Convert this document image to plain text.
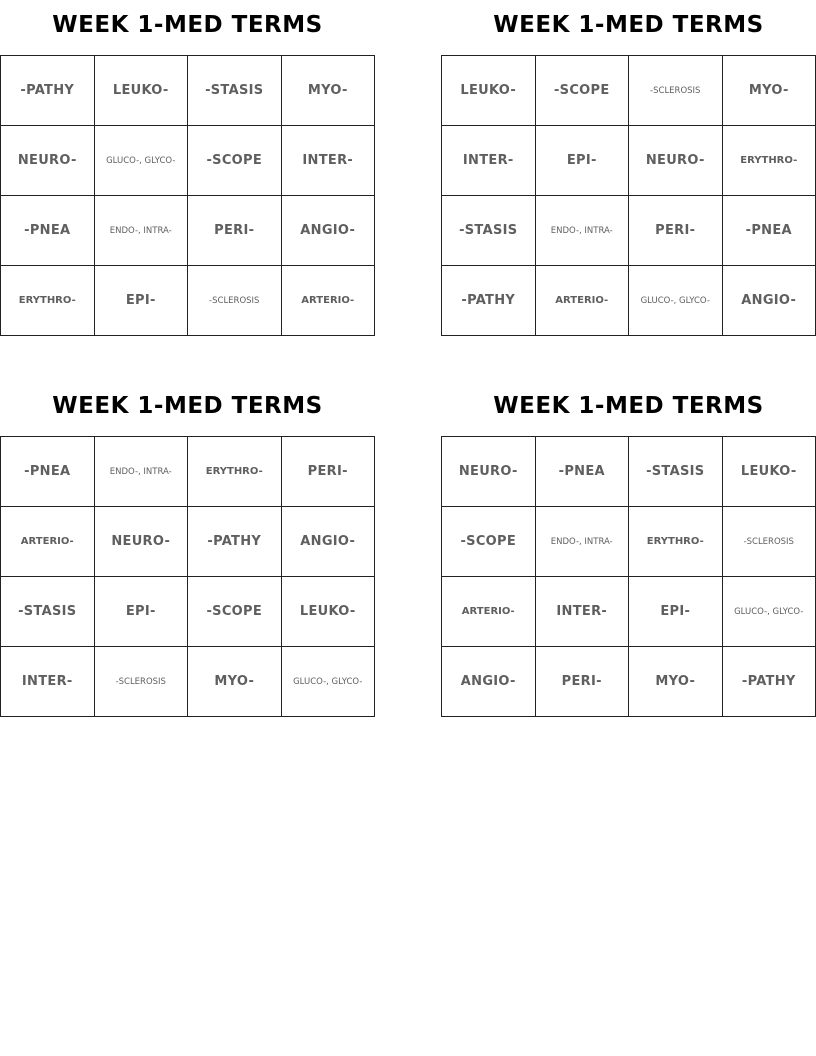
WEEK 1-MED TERMS
-PATHY	LEUKO-	-STASIS	MYO-
NEURO-	GLUCO-, GLYCO-	-SCOPE	INTER-
-PNEA	ENDO-, INTRA-	PERI-	ANGIO-
ERYTHRO-	EPI-	-SCLEROSIS	ARTERIO-
WEEK 1-MED TERMS
LEUKO-	-SCOPE	-SCLEROSIS	MYO-
INTER-	EPI-	NEURO-	ERYTHRO-
-STASIS	ENDO-, INTRA-	PERI-	-PNEA
-PATHY	ARTERIO-	GLUCO-, GLYCO-	ANGIO-
WEEK 1-MED TERMS
-PNEA	ENDO-, INTRA-	ERYTHRO-	PERI-
ARTERIO-	NEURO-	-PATHY	ANGIO-
-STASIS	EPI-	-SCOPE	LEUKO-
INTER-	-SCLEROSIS	MYO-	GLUCO-, GLYCO-
WEEK 1-MED TERMS
NEURO-	-PNEA	-STASIS	LEUKO-
-SCOPE	ENDO-, INTRA-	ERYTHRO-	-SCLEROSIS
ARTERIO-	INTER-	EPI-	GLUCO-, GLYCO-
ANGIO-	PERI-	MYO-	-PATHY
